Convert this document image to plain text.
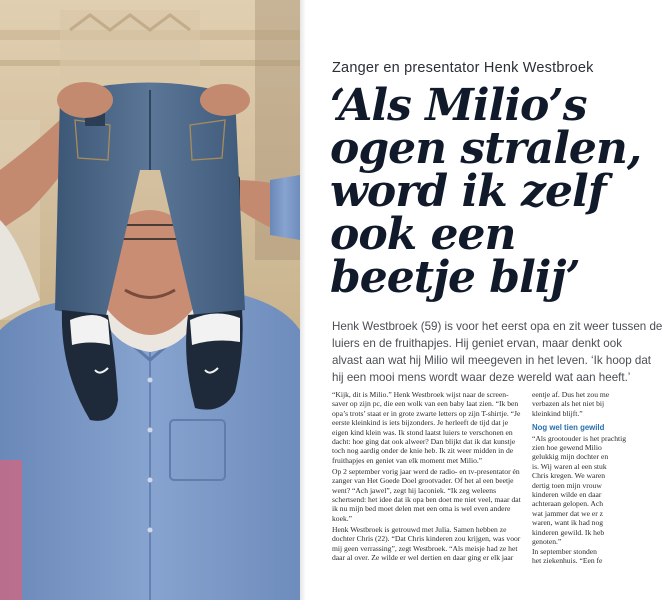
Zanger en presentator Henk Westbroek
‘Als Milio’s
ogen stralen,
word ik zelf
ook een
beetje blij’
Henk Westbroek (59) is voor het eerst opa en zit weer tussen de
luiers en de fruithapjes. Hij geniet ervan, maar denkt ook
alvast aan wat hij Milio wil meegeven in het leven. ‘Ik hoop dat
hij een mooi mens wordt waar deze wereld wat aan heeft.’

“Kijk, dit is Milio.” Henk Westbroek wijst naar de screensaver op zijn pc, die een wolk van een baby laat zien. “Ik ben opa’s trots’ staat er in grote zwarte letters op zijn T-shirtje. “Je eerste kleinkind is iets bijzonders. Je herleeft de tijd dat je eigen kind klein was. Ik stond laatst luiers te verschonen en dacht: hoe ging dat ook alweer? Dan blijkt dat ik dat kunstje toch nog aardig onder de knie heb. Ik zit weer midden in de fruithapjes en geniet van elk moment met Milio.”

Op 2 september vorig jaar werd de radio- en tv-presentator én zanger van Het Goede Doel grootvader. Of het al een beetje went? “Ach jawel”, zegt hij laconiek. “Ik zeg weleens schertsend: het idee dat ik opa ben doet me niet veel, maar dat ik nu mijn bed moet delen met een oma is wel even andere koek.”

Henk Westbroek is getrouwd met Julia. Samen hebben ze dochter Chris (22). “Dat Chris kinderen zou krijgen, was voor mij geen verrassing”, zegt Westbroek. “Als meisje had ze het daar al over. Ze wilde er wel dertien en daar ging er elk jaar

eentje af. Dus het zou me
verbazen als het niet bij
kleinkind blijft.”
Nog wel tien gewild
“Als grootouder is het prachtig
zien hoe gewend Milio
gelukkig mijn dochter en
is. Wij waren al een stuk
Chris kregen. We waren
dertig toen mijn vrouw
kinderen wilde en daar
achteraan gelopen. Ach
wat jammer dat we er z
waren, want ik had nog
kinderen gewild. Ik heb
genoten.”
In september stonden
het ziekenhuis. “Een fe
